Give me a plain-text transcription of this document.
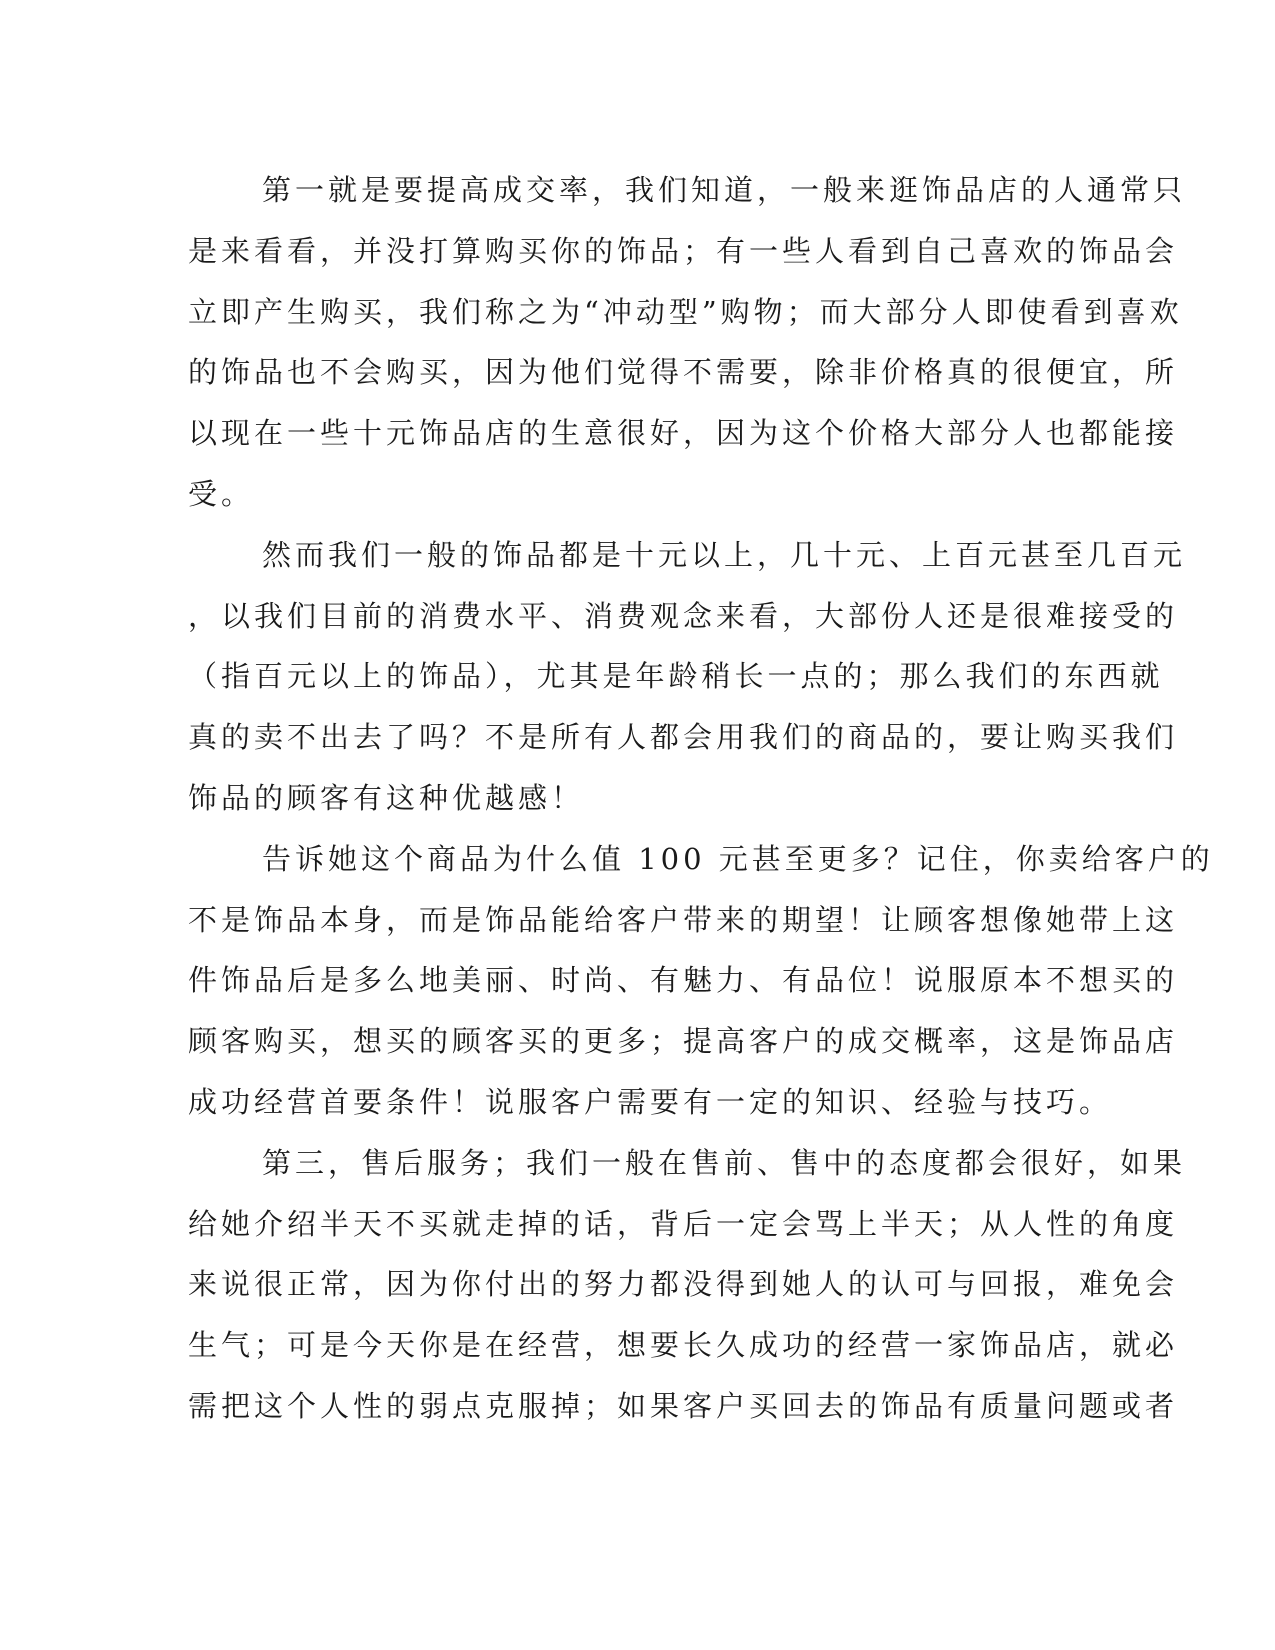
第一就是要提高成交率，我们知道，一般来逛饰品店的人通常只
是来看看，并没打算购买你的饰品；有一些人看到自己喜欢的饰品会
立即产生购买，我们称之为“冲动型”购物；而大部分人即使看到喜欢
的饰品也不会购买，因为他们觉得不需要，除非价格真的很便宜，所
以现在一些十元饰品店的生意很好，因为这个价格大部分人也都能接
受。
然而我们一般的饰品都是十元以上，几十元、上百元甚至几百元
，以我们目前的消费水平、消费观念来看，大部份人还是很难接受的
（指百元以上的饰品），尤其是年龄稍长一点的；那么我们的东西就
真的卖不出去了吗？不是所有人都会用我们的商品的，要让购买我们
饰品的顾客有这种优越感！
告诉她这个商品为什么值 100 元甚至更多？记住，你卖给客户的
不是饰品本身，而是饰品能给客户带来的期望！让顾客想像她带上这
件饰品后是多么地美丽、时尚、有魅力、有品位！说服原本不想买的
顾客购买，想买的顾客买的更多；提高客户的成交概率，这是饰品店
成功经营首要条件！说服客户需要有一定的知识、经验与技巧。
第三，售后服务；我们一般在售前、售中的态度都会很好，如果
给她介绍半天不买就走掉的话，背后一定会骂上半天；从人性的角度
来说很正常，因为你付出的努力都没得到她人的认可与回报，难免会
生气；可是今天你是在经营，想要长久成功的经营一家饰品店，就必
需把这个人性的弱点克服掉；如果客户买回去的饰品有质量问题或者
